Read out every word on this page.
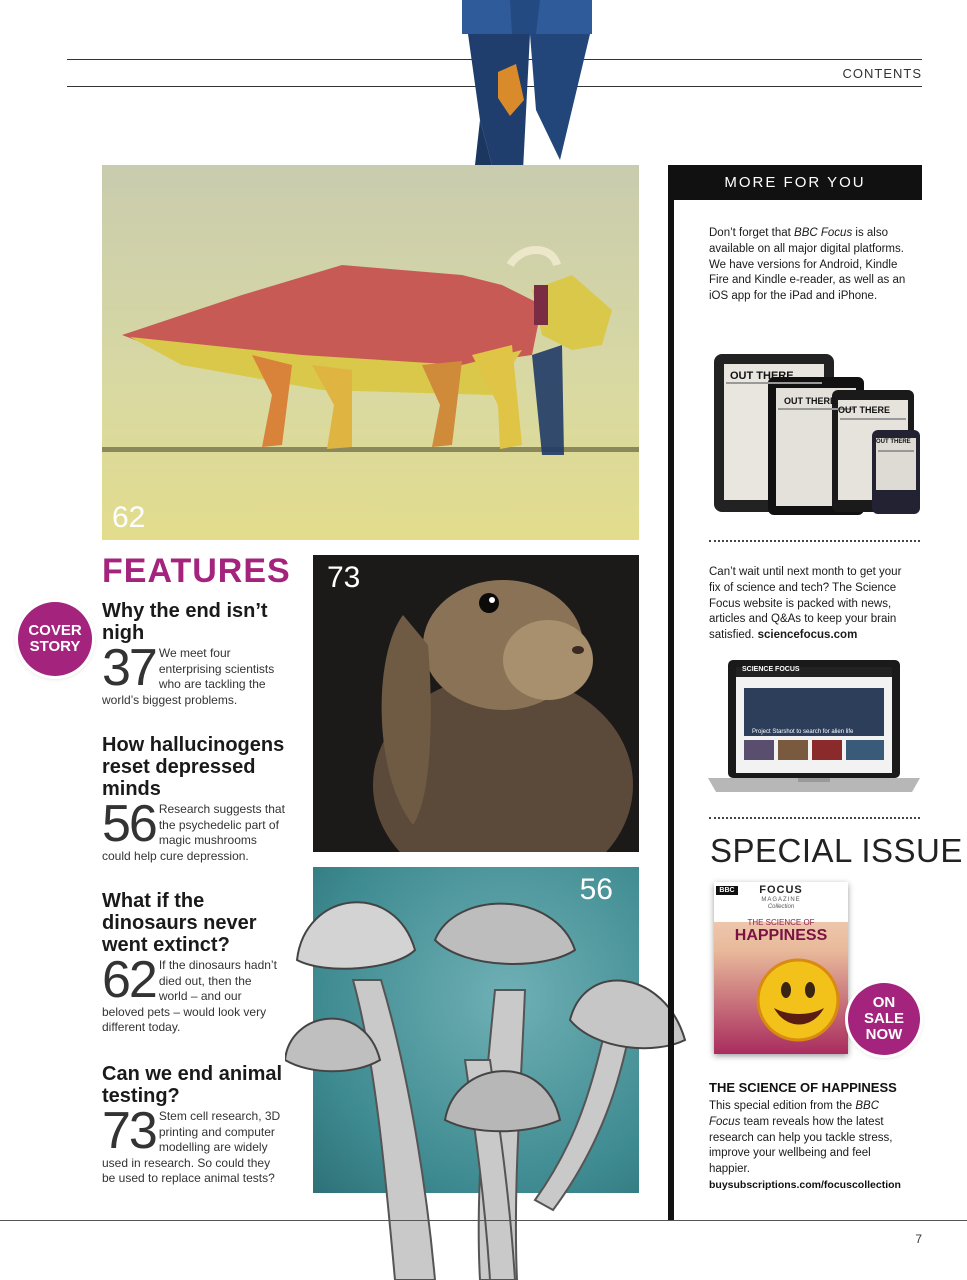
CONTENTS
62
FEATURES
COVER
STORY
Why the end isn’t nigh
37 We meet four enterprising scientists who are tackling the world’s biggest problems.
How hallucinogens reset depressed minds
56 Research suggests that the psychedelic part of magic mushrooms could help cure depression.
What if the dinosaurs never went extinct?
62 If the dinosaurs hadn’t died out, then the world – and our beloved pets – would look very different today.
Can we end animal testing?
73 Stem cell research, 3D printing and computer modelling are widely used in research. So could they be used to replace animal tests?
73
56
MORE FOR YOU
Don’t forget that BBC Focus is also available on all major digital platforms. We have versions for Android, Kindle Fire and Kindle e-reader, as well as an iOS app for the iPad and iPhone.
OUT THERE
OUT THERE
OUT THERE
OUT THERE
Can’t wait until next month to get your fix of science and tech? The Science Focus website is packed with news, articles and Q&As to keep your brain satisfied. sciencefocus.com
SCIENCE FOCUS
Project Starshot to search for alien life
SPECIAL ISSUE
BBC	FOCUS
MAGAZINE
Collection
THE SCIENCE OF
HAPPINESS
ON
SALE
NOW
THE SCIENCE OF HAPPINESS
This special edition from the BBC Focus team reveals how the latest research can help you tackle stress, improve your wellbeing and feel happier.
buysubscriptions.com/focuscollection
7
